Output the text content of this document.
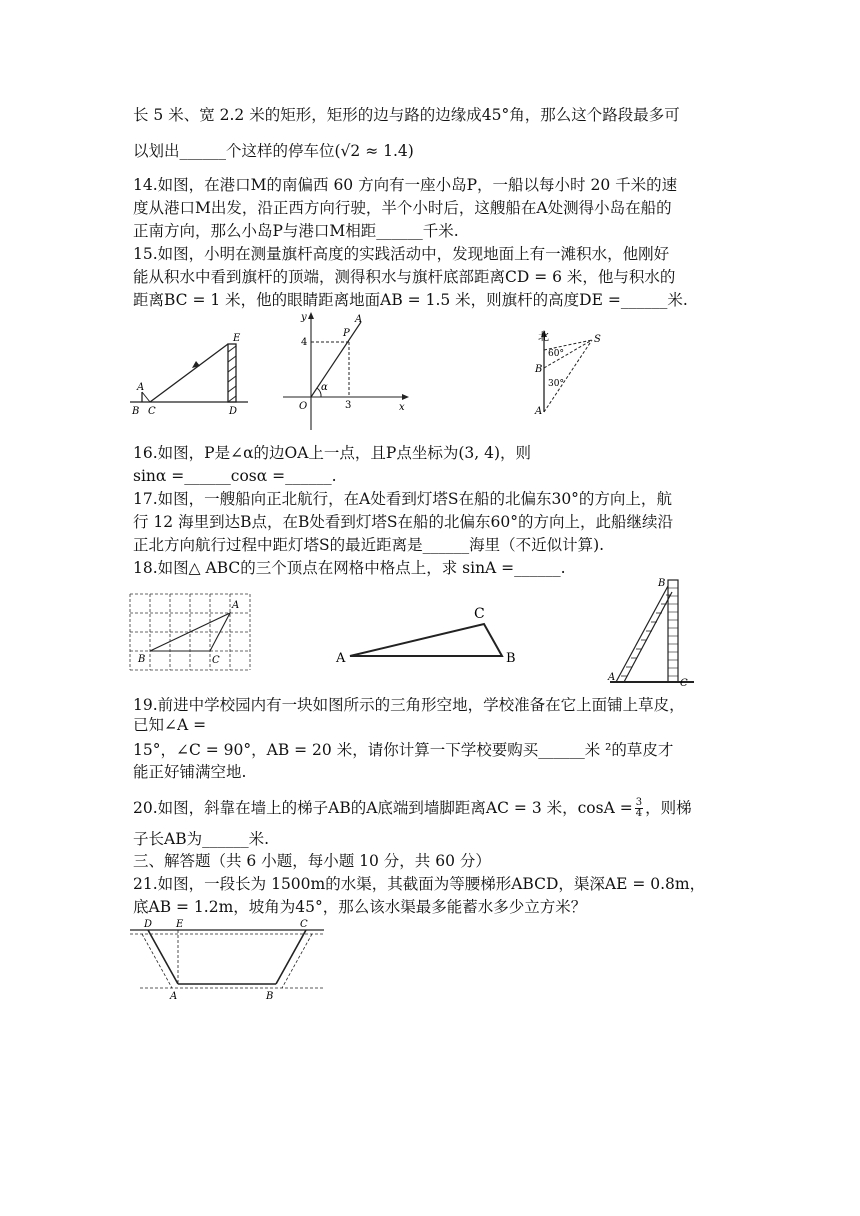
长 5 米、宽 2.2 米的矩形，矩形的边与路的边缘成45°角，那么这个路段最多可
以划出______个这样的停车位(√2 ≈ 1.4)
14.如图，在港口M的南偏西 60 方向有一座小岛P，一船以每小时 20 千米的速
度从港口M出发，沿正西方向行驶，半个小时后，这艘船在A处测得小岛在船的
正南方向，那么小岛P与港口M相距______千米.
15.如图，小明在测量旗杆高度的实践活动中，发现地面上有一滩积水，他刚好
能从积水中看到旗杆的顶端，测得积水与旗杆底部距离CD = 6 米，他与积水的
距离BC = 1 米，他的眼睛距离地面AB = 1.5 米，则旗杆的高度DE =______米.
A
B C	D
E
y
x
O
P
A
α
4
3
北	S
B
A
60°
30°
16.如图，P是∠α的边OA上一点，且P点坐标为(3, 4)，则
sinα =______cosα =______.
17.如图，一艘船向正北航行，在A处看到灯塔S在船的北偏东30°的方向上，航
行 12 海里到达B点，在B处看到灯塔S在船的北偏东60°的方向上，此船继续沿
正北方向航行过程中距灯塔S的最近距离是______海里（不近似计算).
18.如图△ ABC的三个顶点在网格中格点上，求 sinA =______.
A
B	C	A	B
C
A
B
C
19.前进中学校园内有一块如图所示的三角形空地，学校准备在它上面铺上草皮，
已知∠A =
15°，∠C = 90°，AB = 20 米，请你计算一下学校要购买______米 ²的草皮才
能正好铺满空地.
20.如图，斜靠在墙上的梯子AB的A底端到墙脚距离AC = 3 米，$\cos A = \frac{3}{4}$ ，则梯
子长AB为______米.
三、解答题（共 6 小题，每小题 10 分，共 60 分）
21.如图，一段长为 1500m的水渠，其截面为等腰梯形ABCD，渠深AE = 0.8m，
底AB = 1.2m，坡角为45°，那么该水渠最多能蓄水多少立方米？
D E	C
A	B
